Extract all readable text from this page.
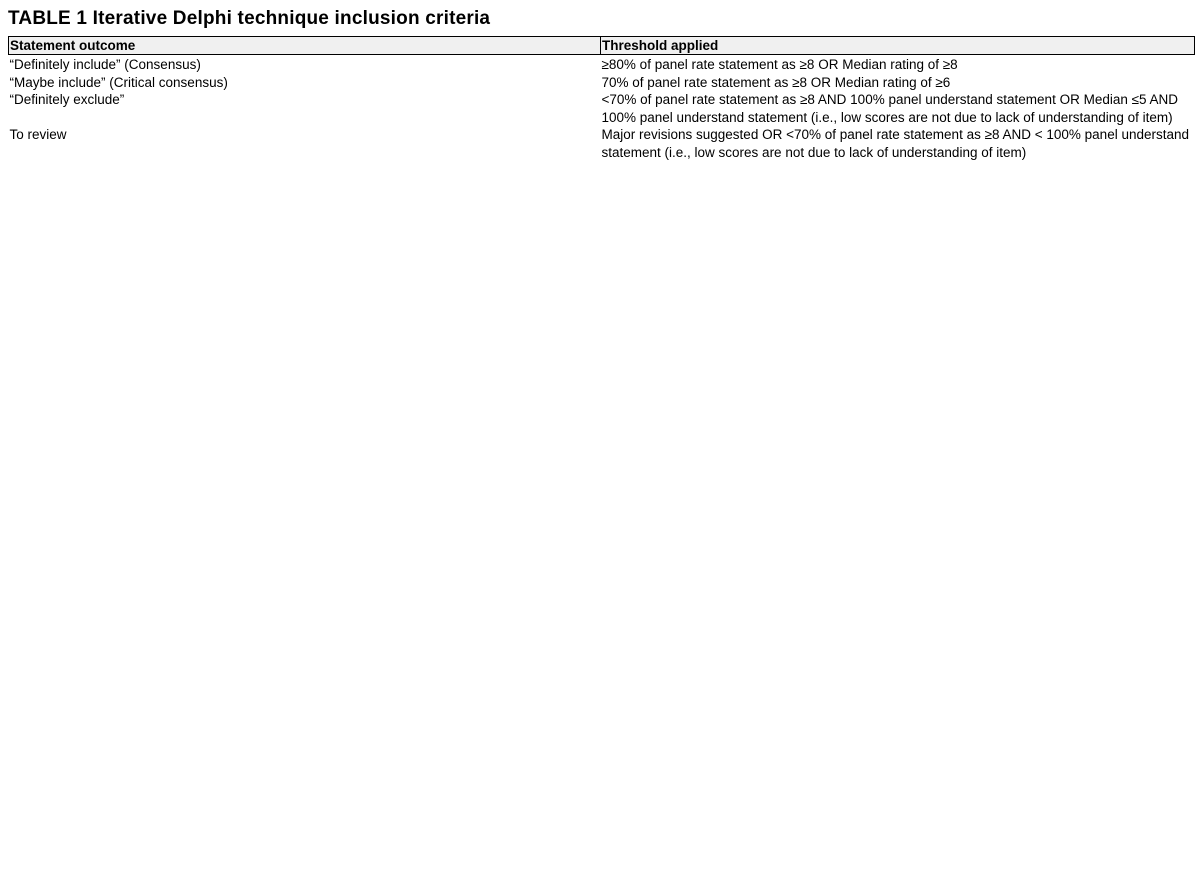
TABLE 1 Iterative Delphi technique inclusion criteria
Statement outcome	Threshold applied
“Definitely include” (Consensus)	≥80% of panel rate statement as ≥8 OR Median rating of ≥8
“Maybe include” (Critical consensus)	70% of panel rate statement as ≥8 OR Median rating of ≥6
“Definitely exclude”	<70% of panel rate statement as ≥8 AND 100% panel understand statement OR Median ≤5 AND 100% panel understand statement (i.e., low scores are not due to lack of understanding of item)
To review	Major revisions suggested OR <70% of panel rate statement as ≥8 AND < 100% panel understand statement (i.e., low scores are not due to lack of understanding of item)
